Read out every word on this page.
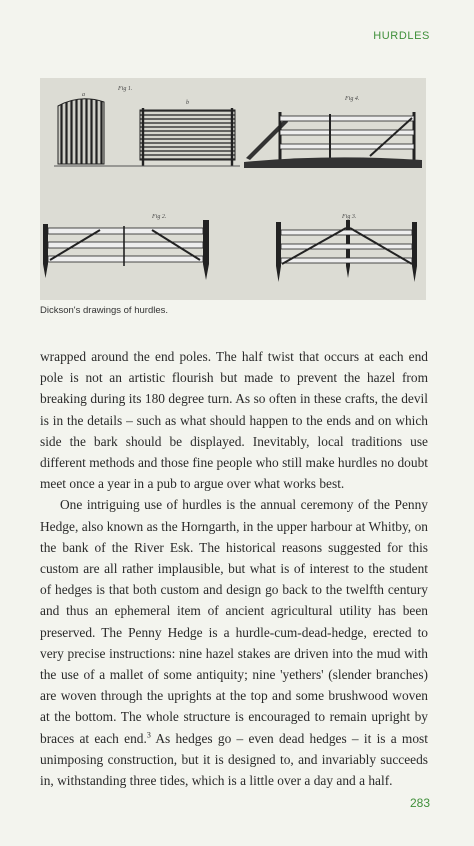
HURDLES
Fig 1.
a
b
Fig 4.
Fig 2.	Fig 3.
Dickson's drawings of hurdles.

wrapped around the end poles. The half twist that occurs at each end pole is not an artistic flourish but made to prevent the hazel from breaking during its 180 degree turn. As so often in these crafts, the devil is in the details – such as what should happen to the ends and on which side the bark should be displayed. Inevitably, local traditions use different methods and those fine people who still make hurdles no doubt meet once a year in a pub to argue over what works best.

One intriguing use of hurdles is the annual ceremony of the Penny Hedge, also known as the Horngarth, in the upper harbour at Whitby, on the bank of the River Esk. The historical reasons suggested for this custom are all rather implausible, but what is of interest to the student of hedges is that both custom and design go back to the twelfth century and thus an ephemeral item of ancient agricultural utility has been preserved. The Penny Hedge is a hurdle-cum-dead-hedge, erected to very precise instructions: nine hazel stakes are driven into the mud with the use of a mallet of some antiquity; nine 'yethers' (slender branches) are woven through the uprights at the top and some brushwood woven at the bottom. The whole structure is encouraged to remain upright by braces at each end.$^3$ As hedges go – even dead hedges – it is a most unimposing construction, but it is designed to, and invariably succeeds in, withstanding three tides, which is a little over a day and a half.

283
